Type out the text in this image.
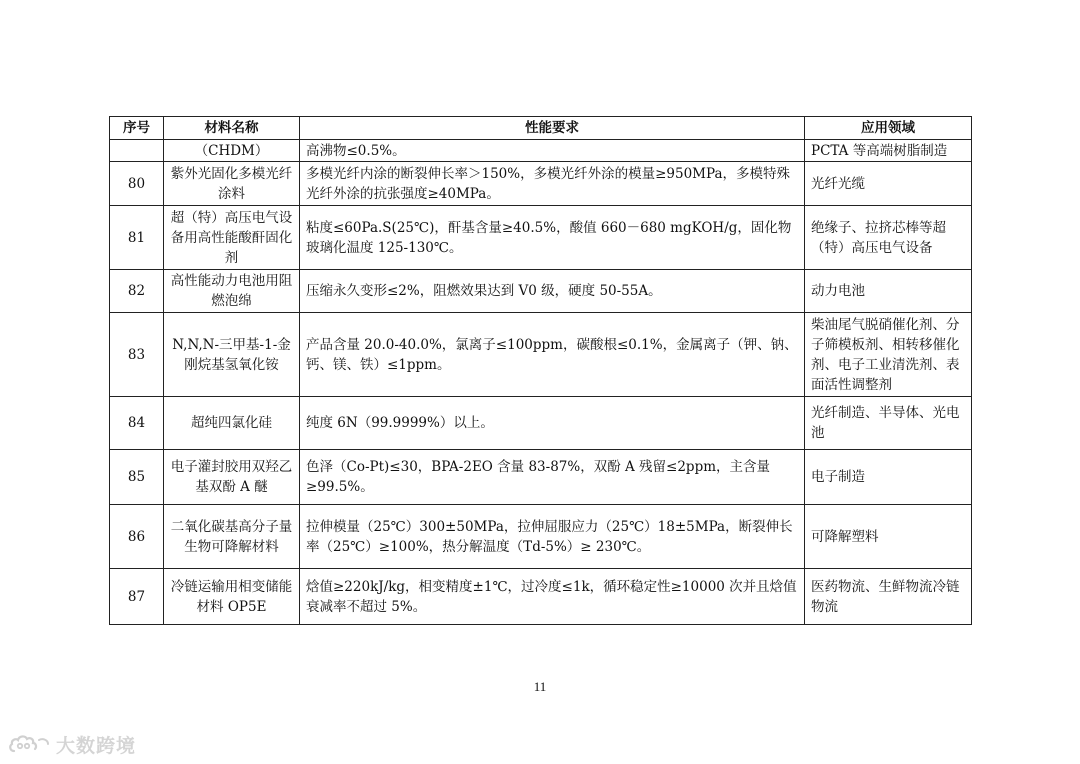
序号	材料名称	性能要求	应用领域
	（CHDM）	高沸物≤0.5%。	PCTA 等高端树脂制造
80	紫外光固化多模光纤涂料	多模光纤内涂的断裂伸长率＞150%，多模光纤外涂的模量≥950MPa，多模特殊光纤外涂的抗张强度≥40MPa。	光纤光缆
81	超（特）高压电气设备用高性能酸酐固化剂	粘度≤60Pa.S(25℃)，酐基含量≥40.5%，酸值 660－680 mgKOH/g，固化物玻璃化温度 125-130℃。	绝缘子、拉挤芯棒等超（特）高压电气设备
82	高性能动力电池用阻燃泡绵	压缩永久变形≤2%，阻燃效果达到 V0 级，硬度 50-55A。	动力电池
83	N,N,N-三甲基-1-金刚烷基氢氧化铵	产品含量 20.0-40.0%，氯离子≤100ppm，碳酸根≤0.1%，金属离子（钾、钠、钙、镁、铁）≤1ppm。	柴油尾气脱硝催化剂、分子筛模板剂、相转移催化剂、电子工业清洗剂、表面活性调整剂
84	超纯四氯化硅	纯度 6N（99.9999%）以上。	光纤制造、半导体、光电池
85	电子灌封胶用双羟乙基双酚 A 醚	色泽（Co-Pt)≤30，BPA-2EO 含量 83-87%，双酚 A 残留≤2ppm，主含量≥99.5%。	电子制造
86	二氧化碳基高分子量生物可降解材料	拉伸模量（25℃）300±50MPa，拉伸屈服应力（25℃）18±5MPa，断裂伸长率（25℃）≥100%，热分解温度（Td-5%）≥ 230℃。	可降解塑料
87	冷链运输用相变储能材料 OP5E	焓值≥220kJ/kg，相变精度±1℃，过冷度≤1k，循环稳定性≥10000 次并且焓值衰减率不超过 5%。	医药物流、生鲜物流冷链物流
11
大数跨境
